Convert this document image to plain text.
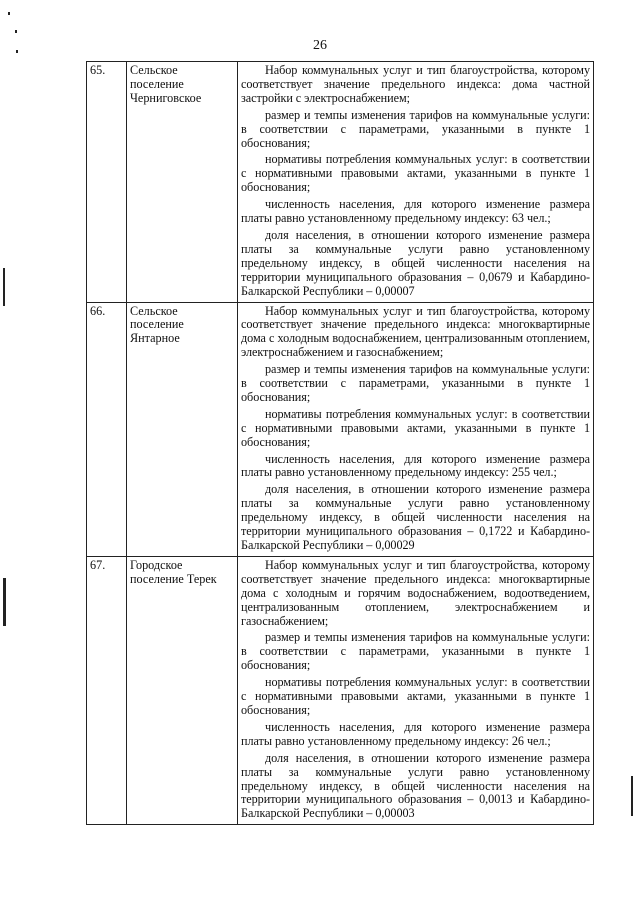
26
65.	Сельское поселение Черниговское	Набор коммунальных услуг и тип благоустройства, которому соответствует значение предельного индекса: дома частной застройки с электроснабжением;

размер и темпы изменения тарифов на коммунальные услуги: в соответствии с параметрами, указанными в пункте 1 обоснования;

нормативы потребления коммунальных услуг: в соответствии с нормативными правовыми актами, указанными в пункте 1 обоснования;

численность населения, для которого изменение размера платы равно установленному предельному индексу: 63 чел.;

доля населения, в отношении которого изменение размера платы за коммунальные услуги равно установленному предельному индексу, в общей численности населения на территории муниципального образования – 0,0679 и Кабардино-Балкарской Республики – 0,00007

66.	Сельское поселение Янтарное	Набор коммунальных услуг и тип благоустройства, которому соответствует значение предельного индекса: многоквартирные дома с холодным водоснабжением, централизованным отоплением, электроснабжением и газоснабжением;

размер и темпы изменения тарифов на коммунальные услуги: в соответствии с параметрами, указанными в пункте 1 обоснования;

нормативы потребления коммунальных услуг: в соответствии с нормативными правовыми актами, указанными в пункте 1 обоснования;

численность населения, для которого изменение размера платы равно установленному предельному индексу: 255 чел.;

доля населения, в отношении которого изменение размера платы за коммунальные услуги равно установленному предельному индексу, в общей численности населения на территории муниципального образования – 0,1722 и Кабардино-Балкарской Республики – 0,00029

67.	Городское поселение Терек	Набор коммунальных услуг и тип благоустройства, которому соответствует значение предельного индекса: многоквартирные дома с холодным и горячим водоснабжением, водоотведением, централизованным отоплением, электроснабжением и газоснабжением;

размер и темпы изменения тарифов на коммунальные услуги: в соответствии с параметрами, указанными в пункте 1 обоснования;

нормативы потребления коммунальных услуг: в соответствии с нормативными правовыми актами, указанными в пункте 1 обоснования;

численность населения, для которого изменение размера платы равно установленному предельному индексу: 26 чел.;

доля населения, в отношении которого изменение размера платы за коммунальные услуги равно установленному предельному индексу, в общей численности населения на территории муниципального образования – 0,0013 и Кабардино-Балкарской Республики – 0,00003
